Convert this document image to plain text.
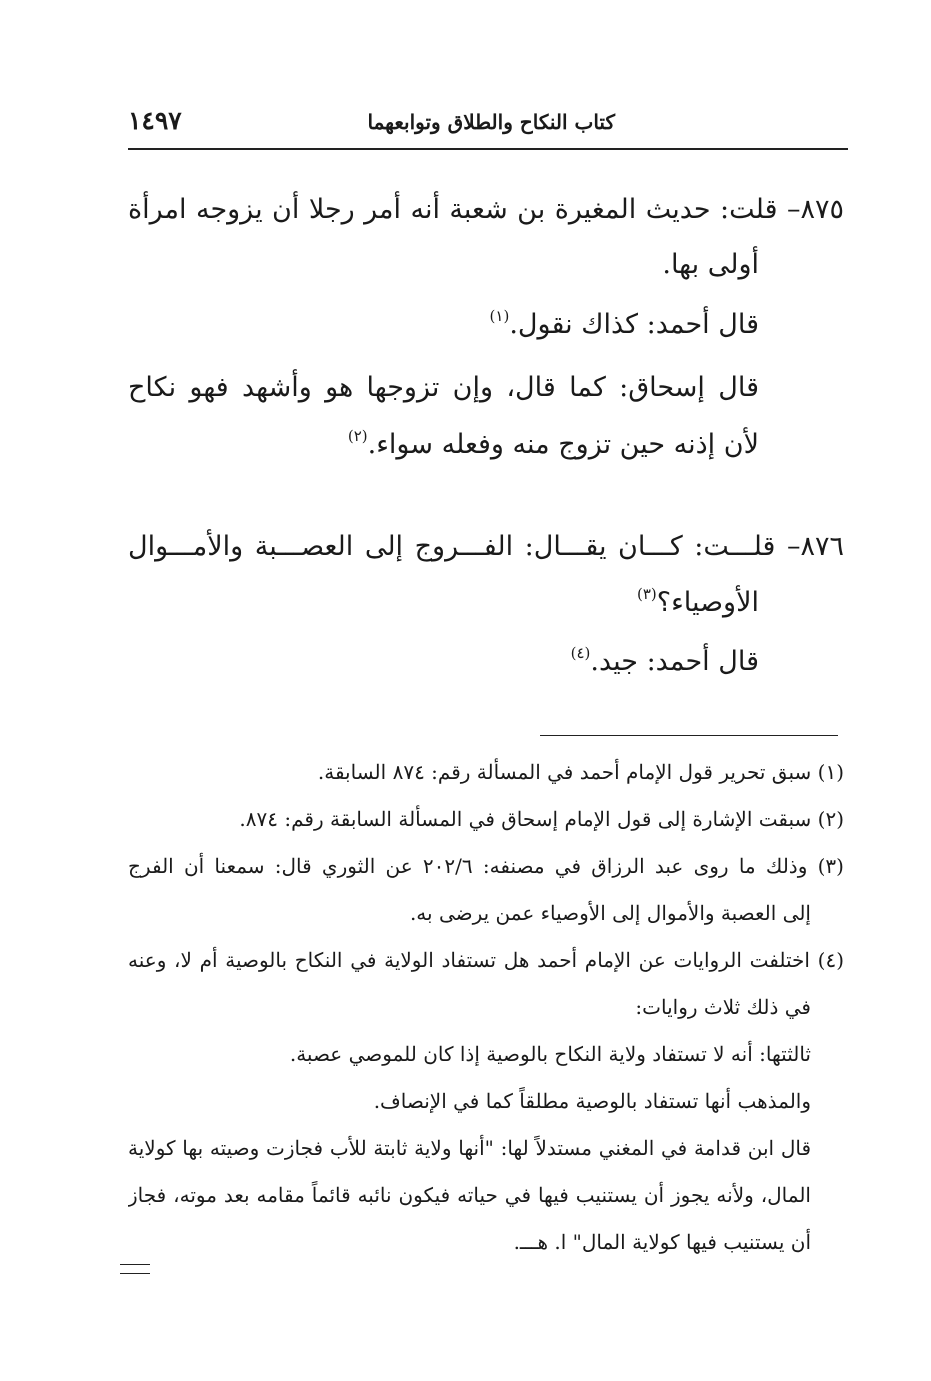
كتاب النكاح والطلاق وتوابعهما
١٤٩٧
٨٧٥– قلت: حديث المغيرة بن شعبة أنه أمر رجلا أن يزوجه امرأة
أولى بها.
قال أحمد: كذاك نقول.$^{(١)}$
قال إسحاق: كما قال، وإن تزوجها هو وأشهد فهو نكاح
لأن إذنه حين تزوج منه وفعله سواء.$^{(٢)}$
٨٧٦– قلـــت: كـــان يقـــال: الفـــروج إلى العصـــبة والأمـــوال
الأوصياء؟$^{(٣)}$
قال أحمد: جيد.$^{(٤)}$
(١) سبق تحرير قول الإمام أحمد في المسألة رقم: ٨٧٤ السابقة.
(٢) سبقت الإشارة إلى قول الإمام إسحاق في المسألة السابقة رقم: ٨٧٤.
(٣) وذلك ما روى عبد الرزاق في مصنفه: ٢٠٢/٦ عن الثوري قال: سمعنا أن الفرج
إلى العصبة والأموال إلى الأوصياء عمن يرضى به.
(٤) اختلفت الروايات عن الإمام أحمد هل تستفاد الولاية في النكاح بالوصية أم لا، وعنه
في ذلك ثلاث روايات:
ثالثتها: أنه لا تستفاد ولاية النكاح بالوصية إذا كان للموصي عصبة.
والمذهب أنها تستفاد بالوصية مطلقاً كما في الإنصاف.
قال ابن قدامة في المغني مستدلاً لها: "أنها ولاية ثابتة للأب فجازت وصيته بها كولاية
المال، ولأنه يجوز أن يستنيب فيها في حياته فيكون نائبه قائماً مقامه بعد موته، فجاز
أن يستنيب فيها كولاية المال" ا. هـــ.
